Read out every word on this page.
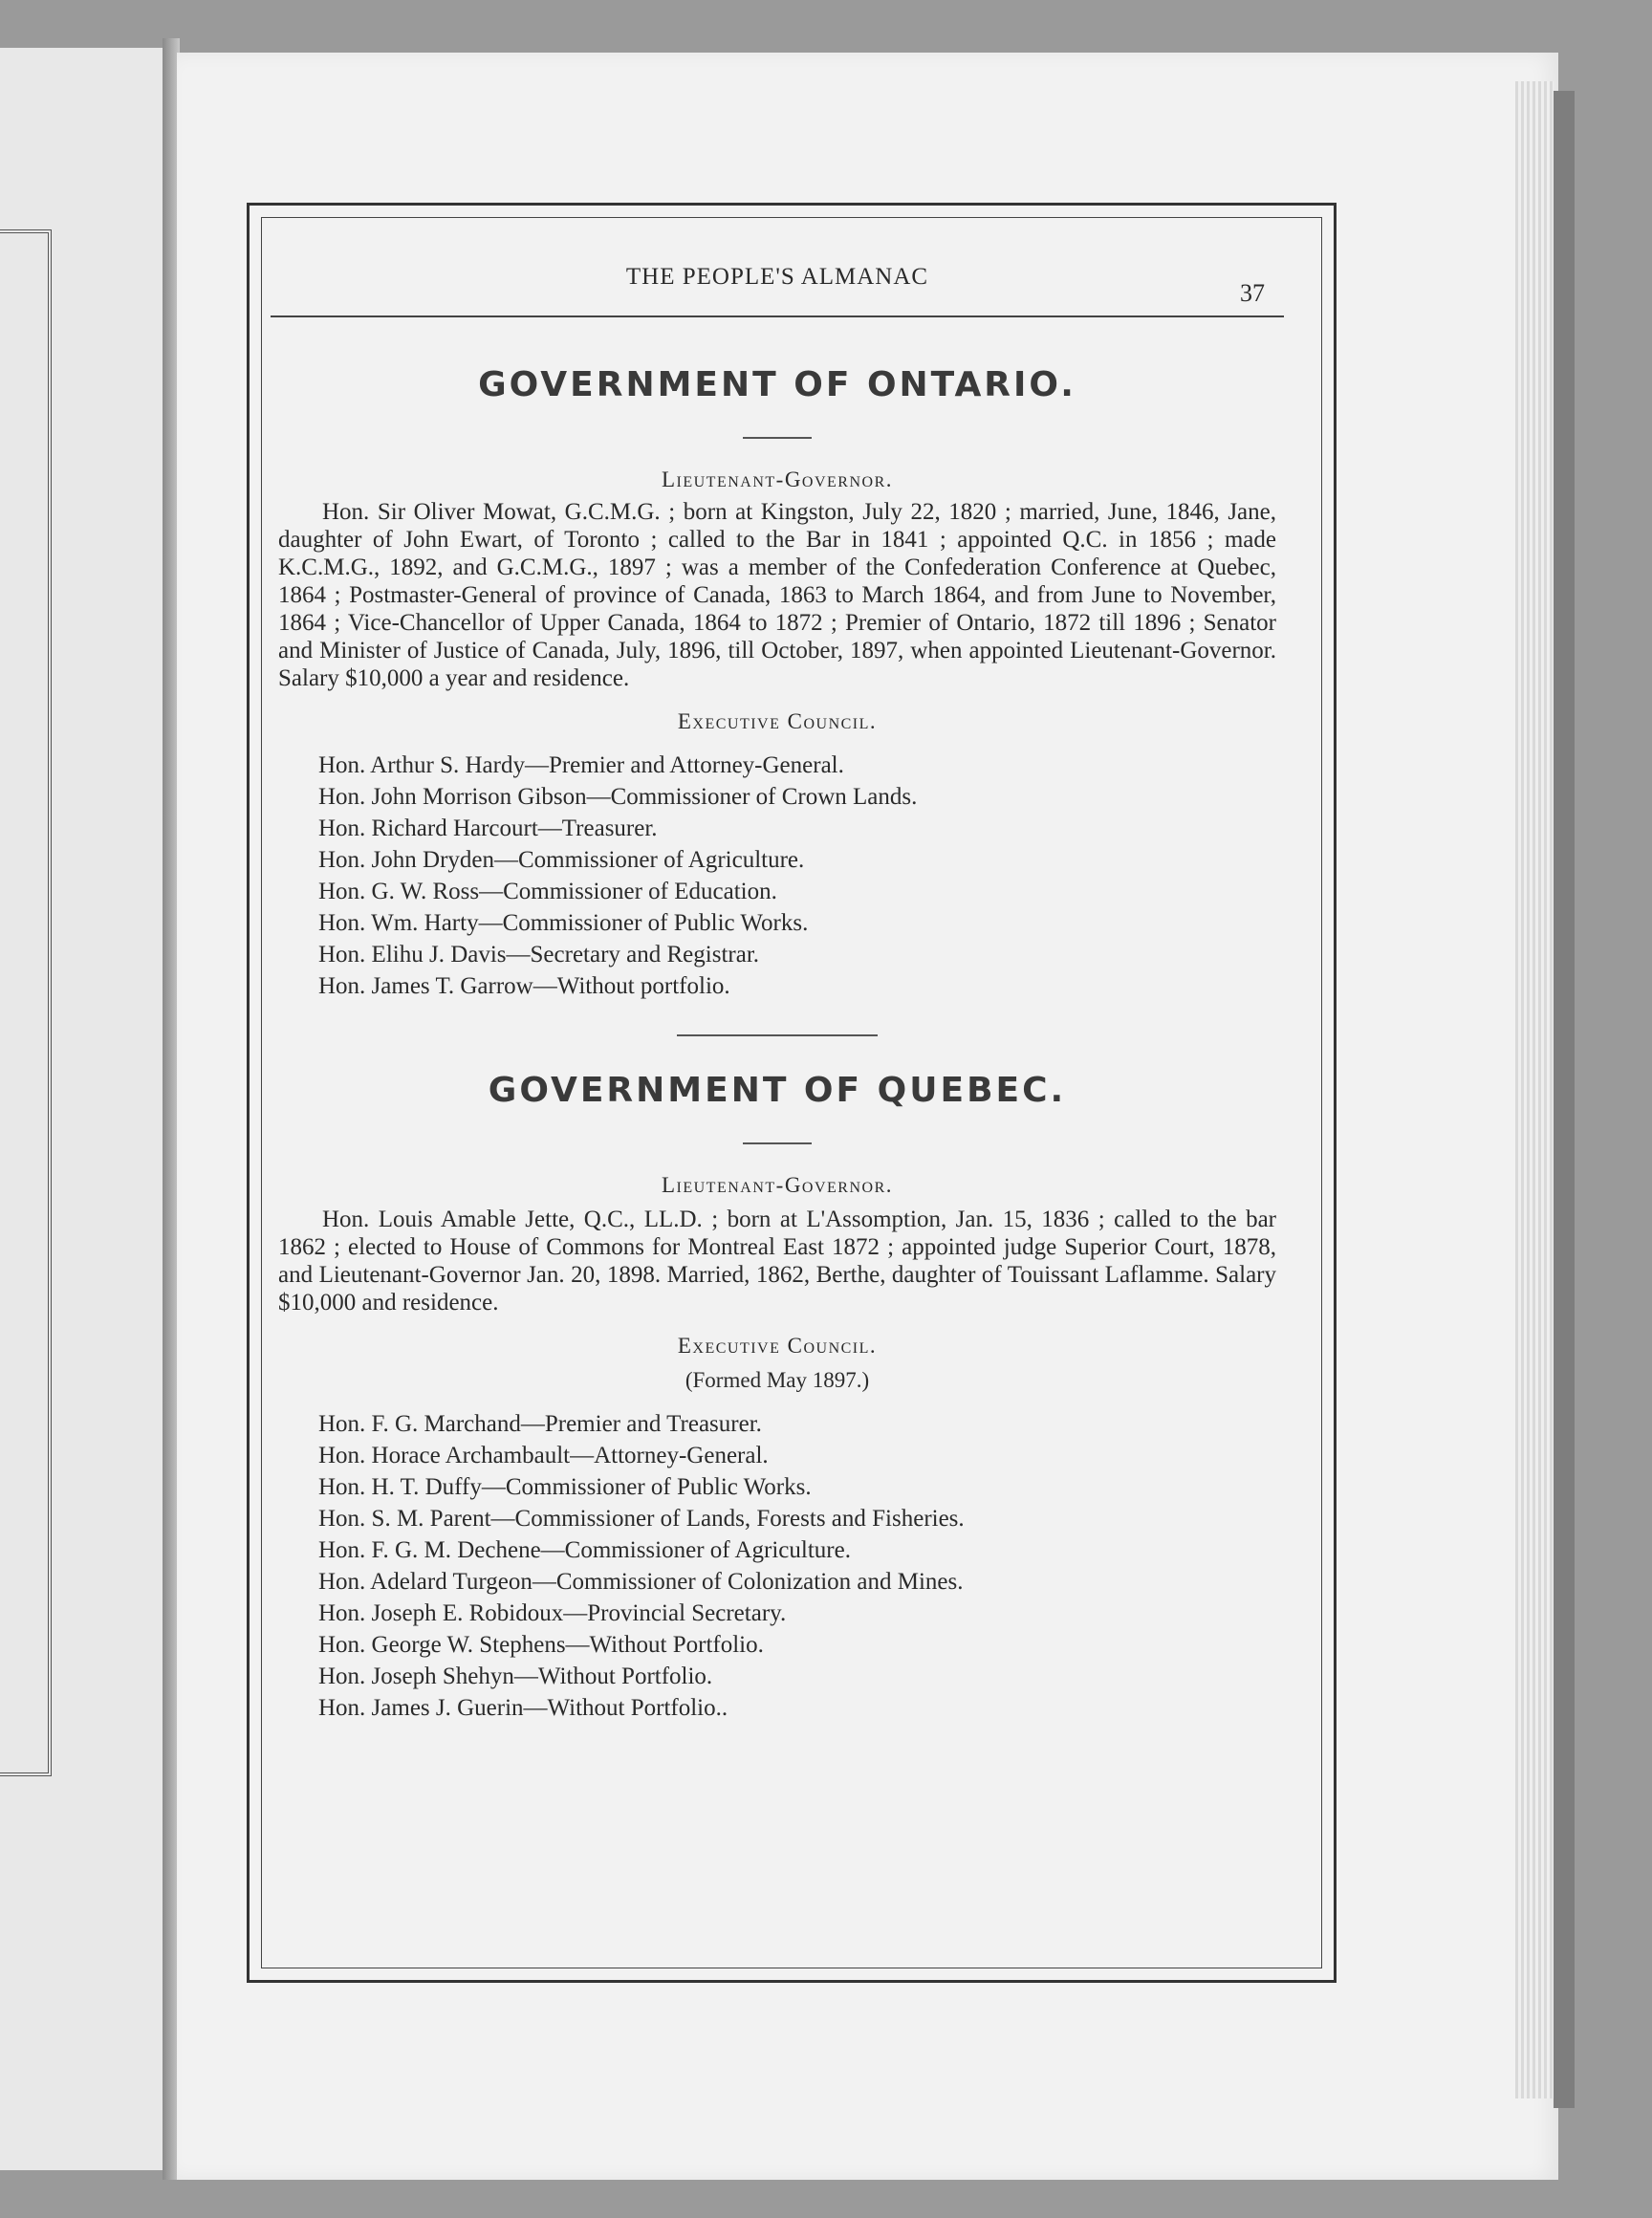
THE PEOPLE'S ALMANAC
37
GOVERNMENT OF ONTARIO.
Lieutenant-Governor.

Hon. Sir Oliver Mowat, G.C.M.G. ; born at Kingston, July 22, 1820 ; married, June, 1846, Jane, daughter of John Ewart, of Toronto ; called to the Bar in 1841 ; appointed Q.C. in 1856 ; made K.C.M.G., 1892, and G.C.M.G., 1897 ; was a member of the Confederation Conference at Quebec, 1864 ; Postmaster-General of province of Canada, 1863 to March 1864, and from June to November, 1864 ; Vice-Chancellor of Upper Canada, 1864 to 1872 ; Premier of Ontario, 1872 till 1896 ; Senator and Minister of Justice of Canada, July, 1896, till October, 1897, when appointed Lieutenant-Governor. Salary $10,000 a year and residence.

Executive Council.
Hon. Arthur S. Hardy—Premier and Attorney-General.
Hon. John Morrison Gibson—Commissioner of Crown Lands.
Hon. Richard Harcourt—Treasurer.
Hon. John Dryden—Commissioner of Agriculture.
Hon. G. W. Ross—Commissioner of Education.
Hon. Wm. Harty—Commissioner of Public Works.
Hon. Elihu J. Davis—Secretary and Registrar.
Hon. James T. Garrow—Without portfolio.
GOVERNMENT OF QUEBEC.
Lieutenant-Governor.

Hon. Louis Amable Jette, Q.C., LL.D. ; born at L'Assomption, Jan. 15, 1836 ; called to the bar 1862 ; elected to House of Commons for Montreal East 1872 ; appointed judge Superior Court, 1878, and Lieutenant-Governor Jan. 20, 1898. Married, 1862, Berthe, daughter of Touissant Laflamme. Salary $10,000 and residence.

Executive Council.
(Formed May 1897.)
Hon. F. G. Marchand—Premier and Treasurer.
Hon. Horace Archambault—Attorney-General.
Hon. H. T. Duffy—Commissioner of Public Works.
Hon. S. M. Parent—Commissioner of Lands, Forests and Fisheries.
Hon. F. G. M. Dechene—Commissioner of Agriculture.
Hon. Adelard Turgeon—Commissioner of Colonization and Mines.
Hon. Joseph E. Robidoux—Provincial Secretary.
Hon. George W. Stephens—Without Portfolio.
Hon. Joseph Shehyn—Without Portfolio.
Hon. James J. Guerin—Without Portfolio..
